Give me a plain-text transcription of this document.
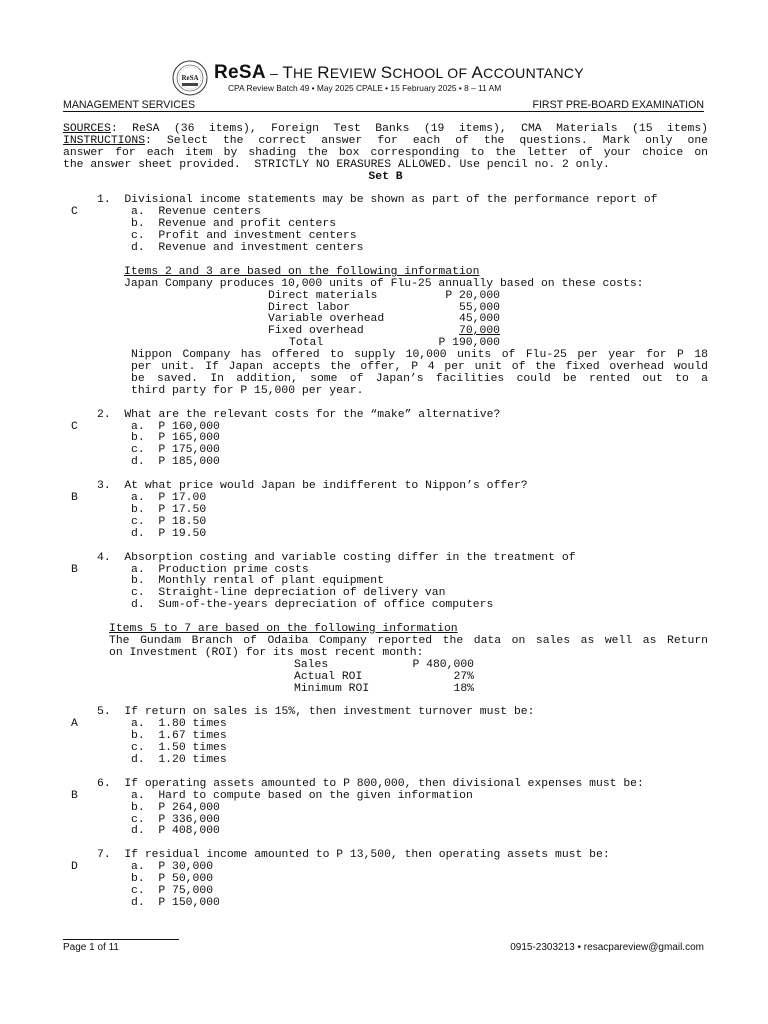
ReSA ReSA – THE REVIEW SCHOOL OF ACCOUNTANCY
CPA Review Batch 49 • May 2025 CPALE • 15 February 2025 • 8 – 11 AM
MANAGEMENT SERVICES	FIRST PRE-BOARD EXAMINATION
SOURCES: ReSA (36 items), Foreign Test Banks (19 items), CMA Materials (15 items)
INSTRUCTIONS: Select the correct answer for each of the questions. Mark only one
answer for each item by shading the box corresponding to the letter of your choice on
the answer sheet provided.  STRICTLY NO ERASURES ALLOWED. Use pencil no. 2 only.
Set B
1.  Divisional income statements may be shown as part of the performance report of
C	a.  Revenue centers
b.  Revenue and profit centers
c.  Profit and investment centers
d.  Revenue and investment centers
Items 2 and 3 are based on the following information
Japan Company produces 10,000 units of Flu-25 annually based on these costs:
Direct materials	P 20,000
Direct labor	55,000
Variable overhead	45,000
Fixed overhead	70,000
Total	P 190,000
Nippon Company has offered to supply 10,000 units of Flu-25 per year for P 18
per unit. If Japan accepts the offer, P 4 per unit of the fixed overhead would
be saved. In addition, some of Japan’s facilities could be rented out to a
third party for P 15,000 per year.
2.  What are the relevant costs for the “make” alternative?
C	a.  P 160,000
b.  P 165,000
c.  P 175,000
d.  P 185,000
3.  At what price would Japan be indifferent to Nippon’s offer?
B	a.  P 17.00
b.  P 17.50
c.  P 18.50
d.  P 19.50
4.  Absorption costing and variable costing differ in the treatment of
B	a.  Production prime costs
b.  Monthly rental of plant equipment
c.  Straight-line depreciation of delivery van
d.  Sum-of-the-years depreciation of office computers
Items 5 to 7 are based on the following information
The Gundam Branch of Odaiba Company reported the data on sales as well as Return
on Investment (ROI) for its most recent month:
Sales	P 480,000
Actual ROI	27%
Minimum ROI	18%
5.  If return on sales is 15%, then investment turnover must be:
A	a.  1.80 times
b.  1.67 times
c.  1.50 times
d.  1.20 times
6.  If operating assets amounted to P 800,000, then divisional expenses must be:
B	a.  Hard to compute based on the given information
b.  P 264,000
c.  P 336,000
d.  P 408,000
7.  If residual income amounted to P 13,500, then operating assets must be:
D	a.  P 30,000
b.  P 50,000
c.  P 75,000
d.  P 150,000
Page 1 of 11	0915-2303213 • resacpareview@gmail.com
